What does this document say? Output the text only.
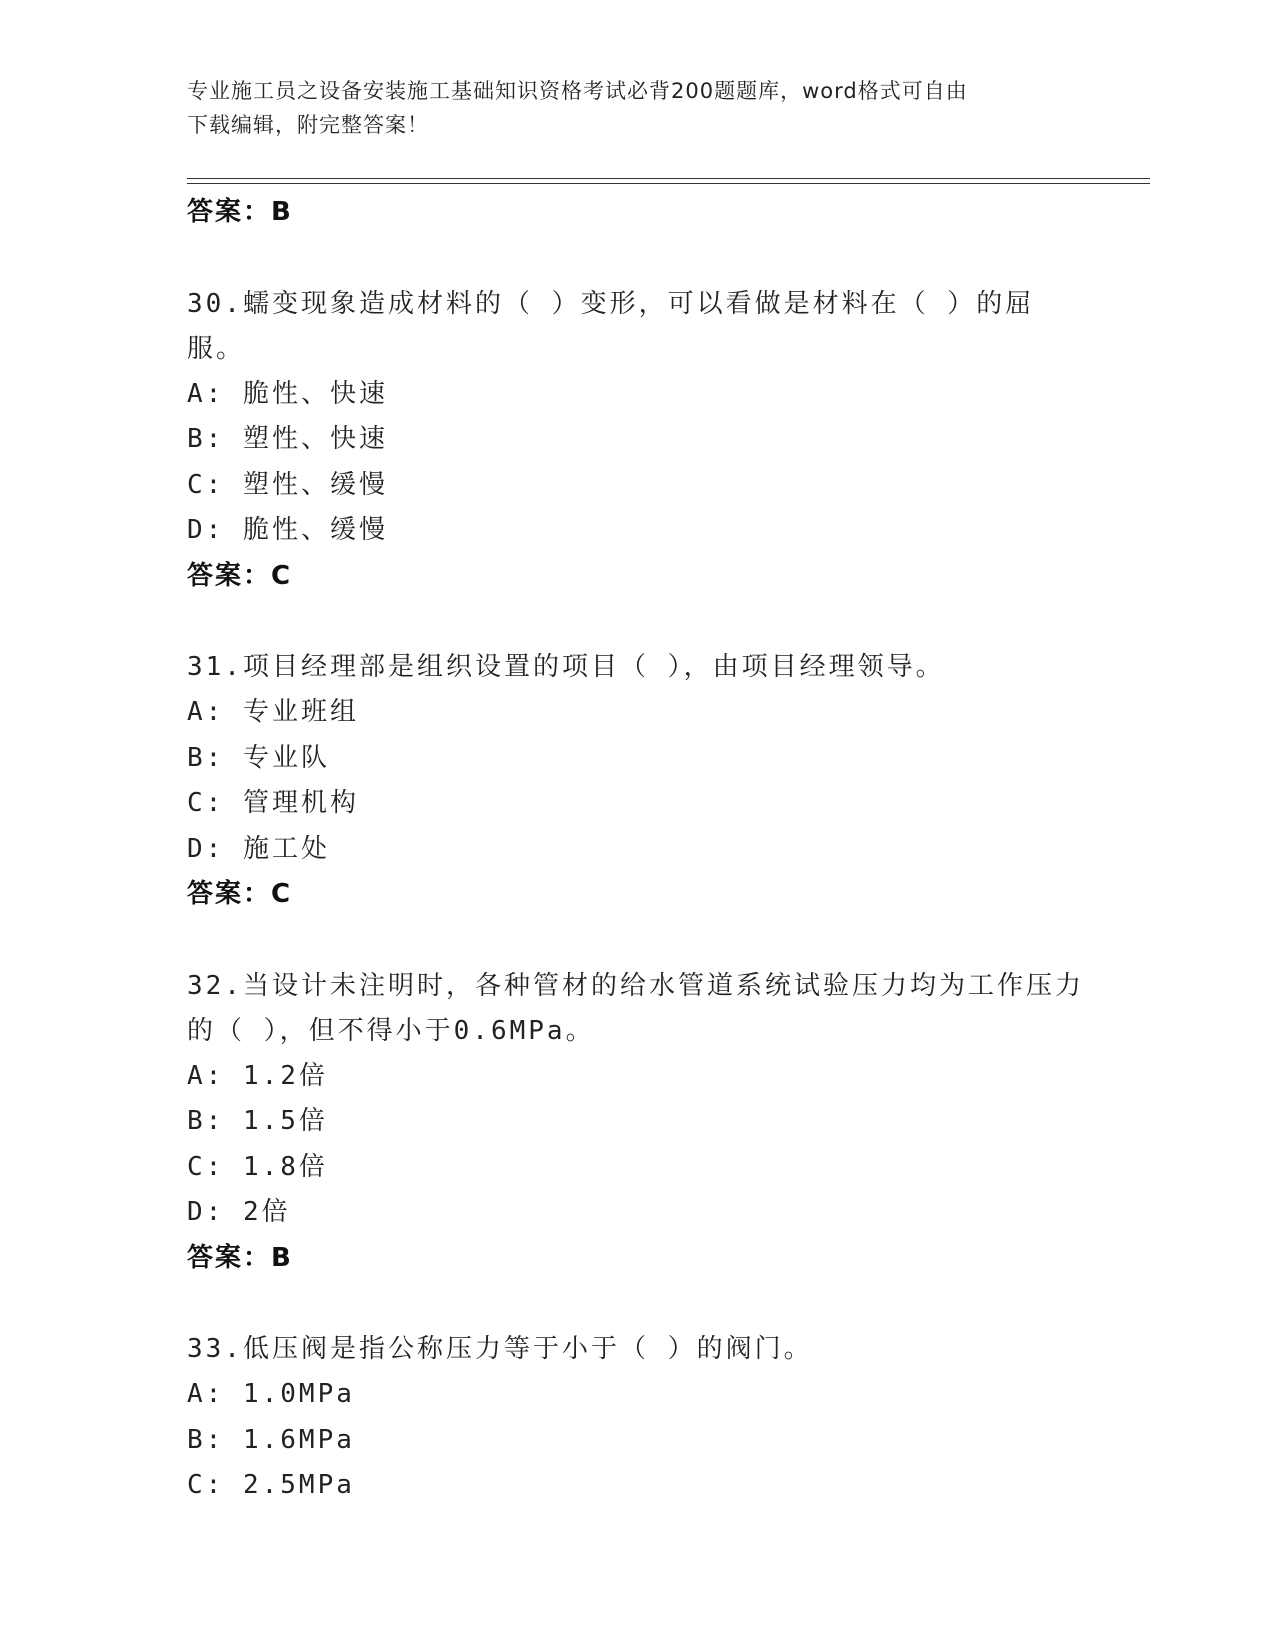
专业施工员之设备安装施工基础知识资格考试必背200题题库，word格式可自由
下载编辑，附完整答案！
答案：B
30.蠕变现象造成材料的（ ）变形，可以看做是材料在（ ）的屈服。
A: 脆性、快速
B: 塑性、快速
C: 塑性、缓慢
D: 脆性、缓慢
答案：C
31.项目经理部是组织设置的项目（ ），由项目经理领导。
A: 专业班组
B: 专业队
C: 管理机构
D: 施工处
答案：C
32.当设计未注明时，各种管材的给水管道系统试验压力均为工作压力的（ ），但不得小于0.6MPa。
A: 1.2倍
B: 1.5倍
C: 1.8倍
D: 2倍
答案：B
33.低压阀是指公称压力等于小于（ ）的阀门。
A: 1.0MPa
B: 1.6MPa
C: 2.5MPa
